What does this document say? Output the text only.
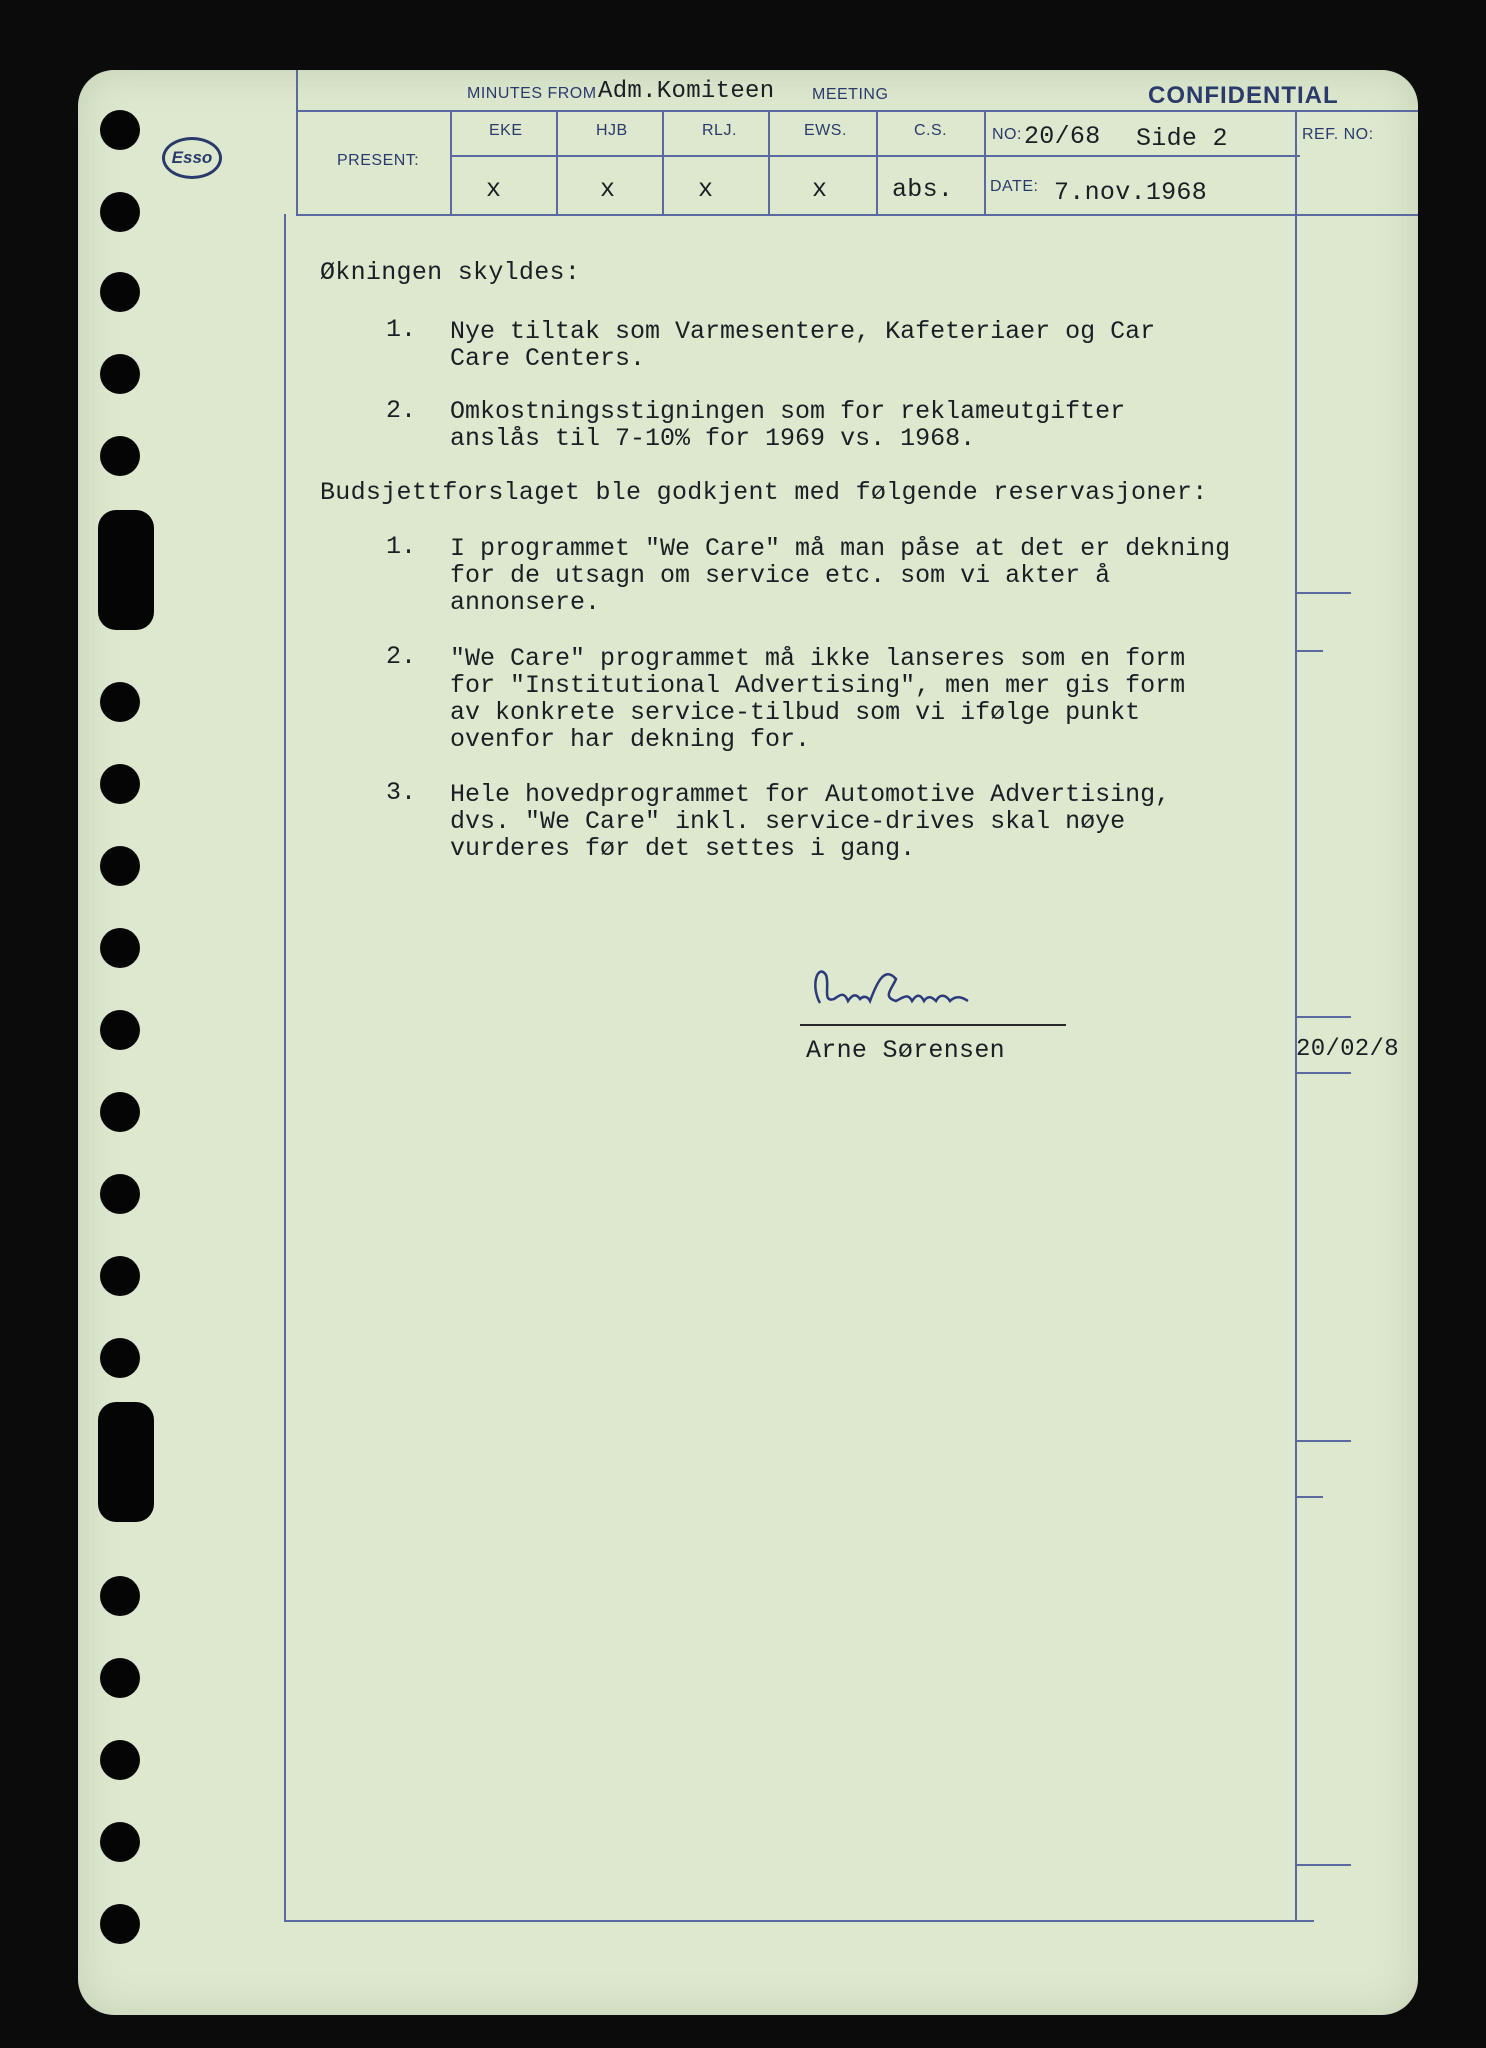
Esso
MINUTES FROM Adm.Komiteen MEETING	CONFIDENTIAL
PRESENT:
EKE	HJB	RLJ.	EWS.	C.S.
x	x	x	x	abs.
NO: 20/68 Side 2
DATE: 7.nov.1968
REF. NO:
Økningen skyldes:
1. Nye tiltak som Varmesentere, Kafeteriaer og Car
Care Centers.
2. Omkostningsstigningen som for reklameutgifter
anslås til 7-10% for 1969 vs. 1968.
Budsjettforslaget ble godkjent med følgende reservasjoner:
1. I programmet "We Care" må man påse at det er dekning
for de utsagn om service etc. som vi akter å
annonsere.
2. "We Care" programmet må ikke lanseres som en form
for "Institutional Advertising", men mer gis form
av konkrete service-tilbud som vi ifølge punkt
ovenfor har dekning for.
3. Hele hovedprogrammet for Automotive Advertising,
dvs. "We Care" inkl. service-drives skal nøye
vurderes før det settes i gang.
Arne Sørensen	20/02/8
